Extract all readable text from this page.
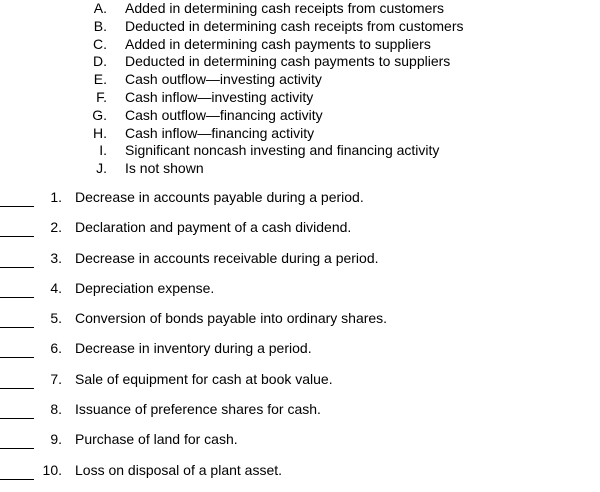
A. Added in determining cash receipts from customers
B. Deducted in determining cash receipts from customers
C. Added in determining cash payments to suppliers
D. Deducted in determining cash payments to suppliers
E. Cash outflow—investing activity
F. Cash inflow—investing activity
G. Cash outflow—financing activity
H. Cash inflow—financing activity
I. Significant noncash investing and financing activity
J. Is not shown
1. Decrease in accounts payable during a period.
2. Declaration and payment of a cash dividend.
3. Decrease in accounts receivable during a period.
4. Depreciation expense.
5. Conversion of bonds payable into ordinary shares.
6. Decrease in inventory during a period.
7. Sale of equipment for cash at book value.
8. Issuance of preference shares for cash.
9. Purchase of land for cash.
10. Loss on disposal of a plant asset.
